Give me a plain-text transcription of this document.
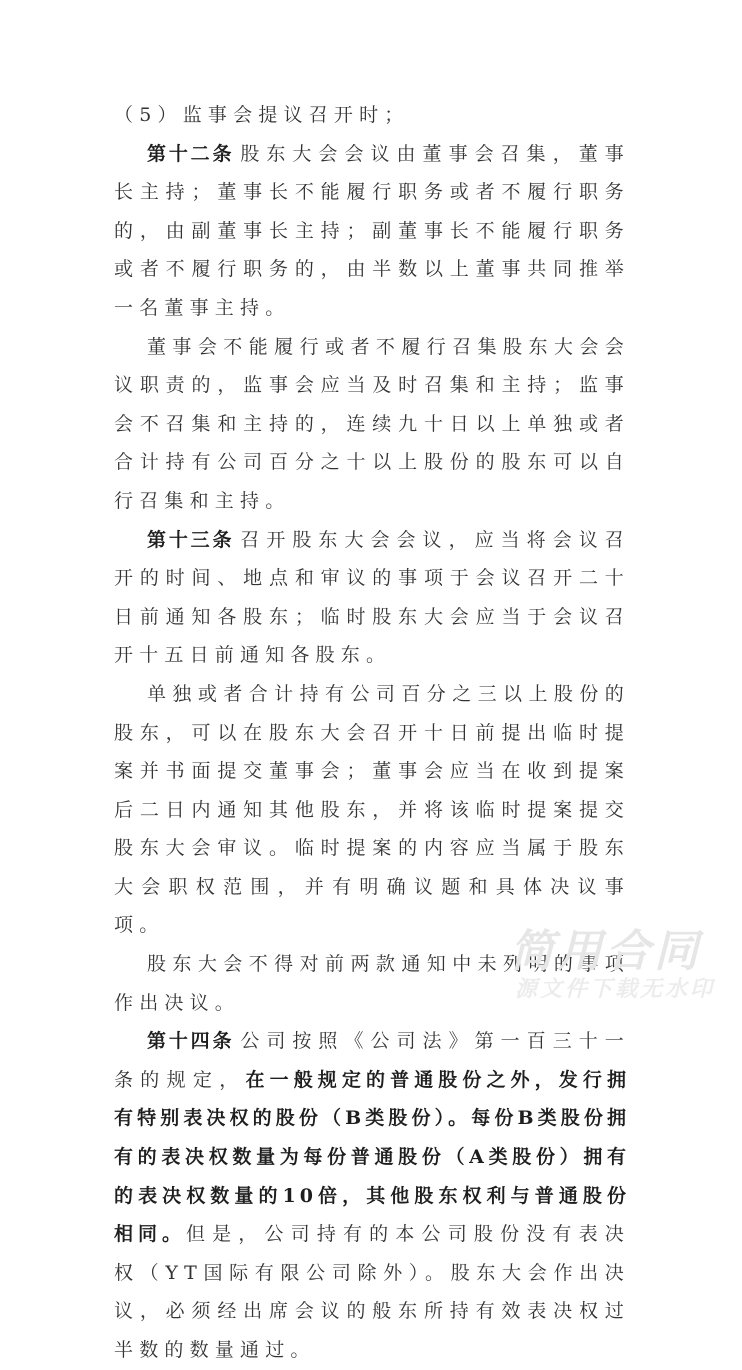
（5）监事会提议召开时；

第十二条 股东大会会议由董事会召集，董事长主持；董事长不能履行职务或者不履行职务的，由副董事长主持；副董事长不能履行职务或者不履行职务的，由半数以上董事共同推举一名董事主持。

董事会不能履行或者不履行召集股东大会会议职责的，监事会应当及时召集和主持；监事会不召集和主持的，连续九十日以上单独或者合计持有公司百分之十以上股份的股东可以自行召集和主持。

第十三条 召开股东大会会议，应当将会议召开的时间、地点和审议的事项于会议召开二十日前通知各股东；临时股东大会应当于会议召开十五日前通知各股东。

单独或者合计持有公司百分之三以上股份的股东，可以在股东大会召开十日前提出临时提案并书面提交董事会；董事会应当在收到提案后二日内通知其他股东，并将该临时提案提交股东大会审议。临时提案的内容应当属于股东大会职权范围，并有明确议题和具体决议事项。

股东大会不得对前两款通知中未列明的事项作出决议。

第十四条 公司按照《公司法》第一百三十一条的规定，在一般规定的普通股份之外，发行拥有特别表决权的股份（B类股份）。每份B类股份拥有的表决权数量为每份普通股份（A类股份）拥有的表决权数量的10倍，其他股东权利与普通股份相同。但是，公司持有的本公司股份没有表决权（YT国际有限公司除外）。股东大会作出决议，必须经出席会议的般东所持有效表决权过半数的数量通过。

简用合同
源文件下载无水印
